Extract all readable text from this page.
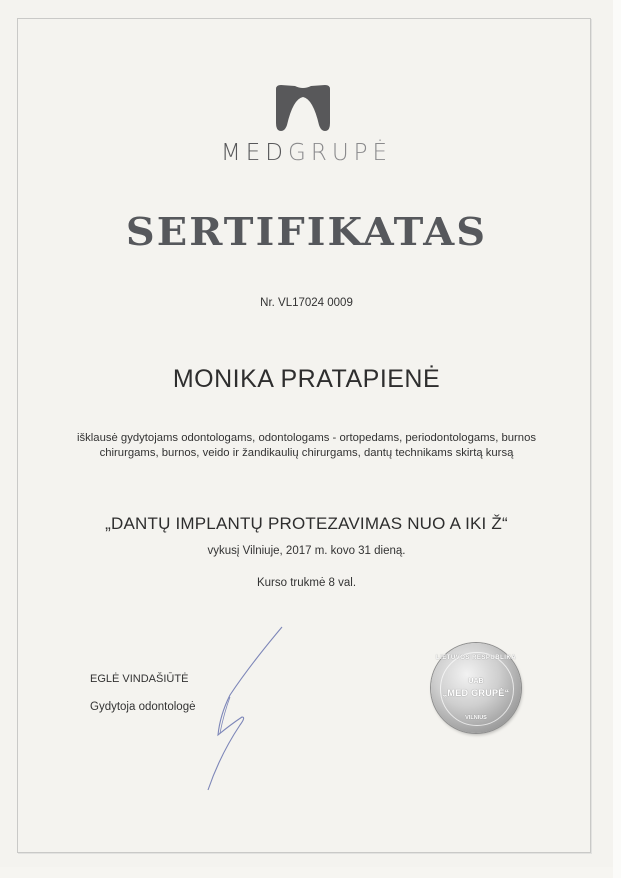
MEDGRUPĖ
SERTIFIKATAS
Nr. VL17024 0009
MONIKA PRATAPIENĖ
išklausė gydytojams odontologams, odontologams - ortopedams, periodontologams, burnos chirurgams, burnos, veido ir žandikaulių chirurgams, dantų technikams skirtą kursą
„DANTŲ IMPLANTŲ PROTEZAVIMAS NUO A IKI Ž“
vykusį Vilniuje, 2017 m. kovo 31 dieną.
Kurso trukmė 8 val.
EGLĖ VINDAŠIŪTĖ
Gydytoja odontologė
LIETUVOS RESPUBLIKA
UAB
„MED GRUPĖ“
VILNIUS
